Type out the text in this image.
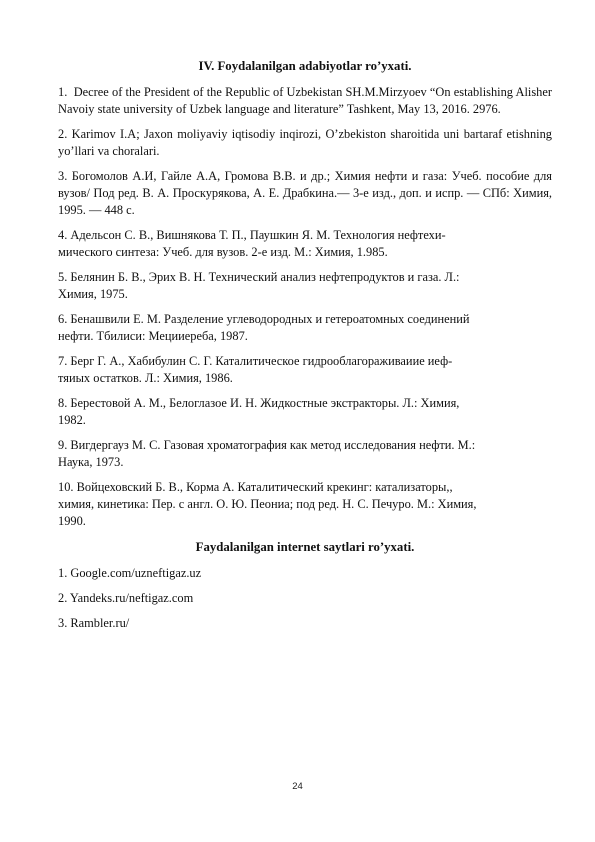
IV. Foydalanilgan adabiyotlar ro’yxati.
1. Decree of the President of the Republic of Uzbekistan SH.M.Mirzyoev “On establishing Alisher Navoiy state university of Uzbek language and literature” Tashkent, May 13, 2016. 2976.
2. Karimov I.A; Jaxon moliyaviy iqtisodiy inqirozi, O’zbekiston sharoitida uni bartaraf etishning yo’llari va choralari.
3. Богомолов А.И, Гайле А.А, Громова В.В. и др.; Химия нефти и газа: Учеб. пособие для вузов/ Под ред. В. А. Проскурякова, А. Е. Драбкина.— 3-е изд., доп. и испр. — СПб: Химия, 1995. — 448 с.
4. Адельсон С. В., Вишнякова Т. П., Паушкин Я. М. Технология нефтехи-
мического синтеза: Учеб. для вузов. 2-е изд. М.: Химия, 1.985.
5. Белянин Б. В., Эрих В. Н. Технический анализ нефтепродуктов и газа. Л.:
Химия, 1975.
6. Бенашвили Е. М. Разделение углеводородных и гетероатомных соединений
нефти. Тбилиси: Мецииереба, 1987.
7. Берг Г. А., Хабибулин С. Г. Каталитическое гидрооблагораживаиие иеф-
тяиых остатков. Л.: Химия, 1986.
8. Берестовой А. М., Белоглазое И. Н. Жидкостные экстракторы. Л.: Химия,
1982.
9. Вигдергауз М. С. Газовая хроматография как метод исследования нефти. М.:
Наука, 1973.
10. Войцеховский Б. В., Корма А. Каталитический крекинг: катализаторы,,
химия, кинетика: Пер. с англ. О. Ю. Пеониа; под ред. Н. С. Печуро. М.: Химия,
1990.
Faydalanilgan internet saytlari ro’yxati.
1. Google.com/uzneftigaz.uz
2. Yandeks.ru/neftigaz.com
3. Rambler.ru/
24
